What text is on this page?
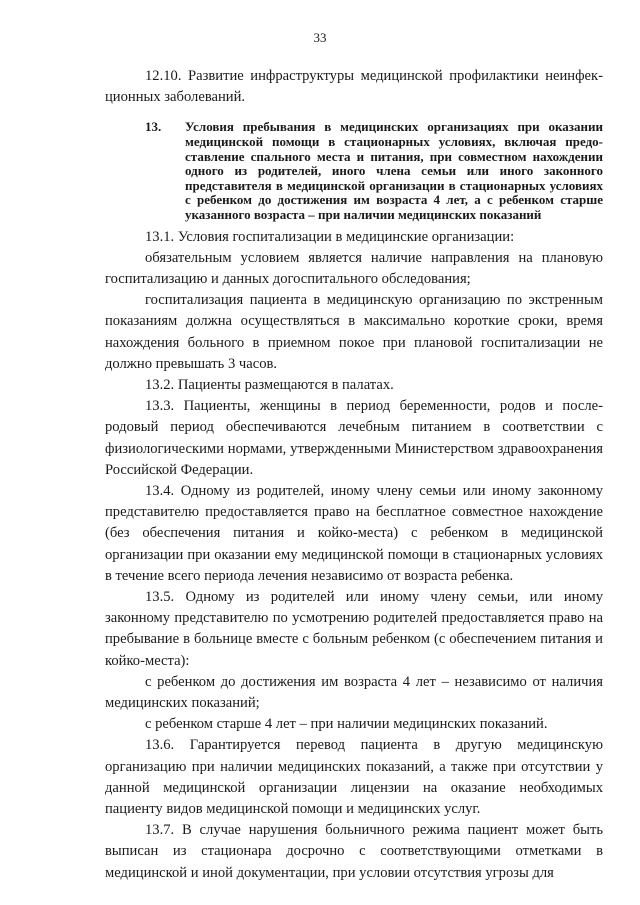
33

12.10. Развитие инфраструктуры медицинской профилактики неинфекционных заболеваний.

13.	Условия пребывания в медицинских организациях при оказании медицинской помощи в стационарных условиях, включая предоставление спального места и питания, при совместном нахождении одного из родителей, иного члена семьи или иного законного представителя в медицинской организации в стационарных условиях с ребенком до достижения им возраста 4 лет, а с ребенком старше указанного возраста – при наличии медицинских показаний

13.1. Условия госпитализации в медицинские организации:

обязательным условием является наличие направления на плановую госпитализацию и данных догоспитального обследования;

госпитализация пациента в медицинскую организацию по экстренным показаниям должна осуществляться в максимально короткие сроки, время нахождения больного в приемном покое при плановой госпитализации не должно превышать 3 часов.

13.2. Пациенты размещаются в палатах.

13.3. Пациенты, женщины в период беременности, родов и послеродовый период обеспечиваются лечебным питанием в соответствии с физиологическими нормами, утвержденными Министерством здравоохранения Российской Федерации.

13.4. Одному из родителей, иному члену семьи или иному законному представителю предоставляется право на бесплатное совместное нахождение (без обеспечения питания и койко-места) с ребенком в медицинской организации при оказании ему медицинской помощи в стационарных условиях в течение всего периода лечения независимо от возраста ребенка.

13.5. Одному из родителей или иному члену семьи, или иному законному представителю по усмотрению родителей предоставляется право на пребывание в больнице вместе с больным ребенком (с обеспечением питания и койко-места):

с ребенком до достижения им возраста 4 лет – независимо от наличия медицинских показаний;

с ребенком старше 4 лет – при наличии медицинских показаний.

13.6. Гарантируется перевод пациента в другую медицинскую организацию при наличии медицинских показаний, а также при отсутствии у данной медицинской организации лицензии на оказание необходимых пациенту видов медицинской помощи и медицинских услуг.

13.7. В случае нарушения больничного режима пациент может быть выписан из стационара досрочно с соответствующими отметками в медицинской и иной документации, при условии отсутствия угрозы для
